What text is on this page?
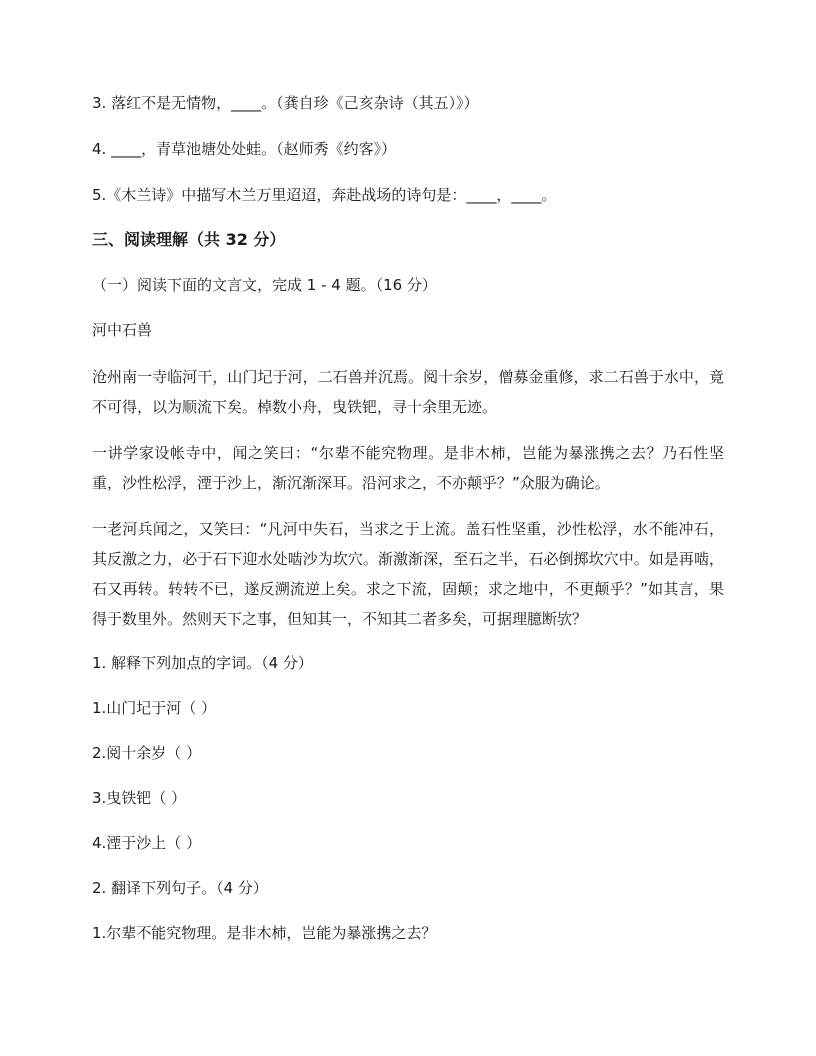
3. 落红不是无情物，____。（龚自珍《己亥杂诗（其五）》）

4. ____，青草池塘处处蛙。（赵师秀《约客》）

5.《木兰诗》中描写木兰万里迢迢，奔赴战场的诗句是：____，____。

三、阅读理解（共 32 分）

（一）阅读下面的文言文，完成 1 - 4 题。（16 分）

河中石兽

沧州南一寺临河干，山门圮于河，二石兽并沉焉。阅十余岁，僧募金重修，求二石兽于水中，竟不可得，以为顺流下矣。棹数小舟，曳铁钯，寻十余里无迹。

一讲学家设帐寺中，闻之笑曰：“尔辈不能究物理。是非木柿，岂能为暴涨携之去？乃石性坚重，沙性松浮，湮于沙上，渐沉渐深耳。沿河求之，不亦颠乎？”众服为确论。

一老河兵闻之，又笑曰：“凡河中失石，当求之于上流。盖石性坚重，沙性松浮，水不能冲石，其反激之力，必于石下迎水处啮沙为坎穴。渐激渐深，至石之半，石必倒掷坎穴中。如是再啮，石又再转。转转不已，遂反溯流逆上矣。求之下流，固颠；求之地中，不更颠乎？”如其言，果得于数里外。然则天下之事，但知其一，不知其二者多矣，可据理臆断欤？

1. 解释下列加点的字词。（4 分）

1.山门圮于河（ ）

2.阅十余岁（ ）

3.曳铁钯（ ）

4.湮于沙上（ ）

2. 翻译下列句子。（4 分）

1.尔辈不能究物理。是非木柿，岂能为暴涨携之去？
